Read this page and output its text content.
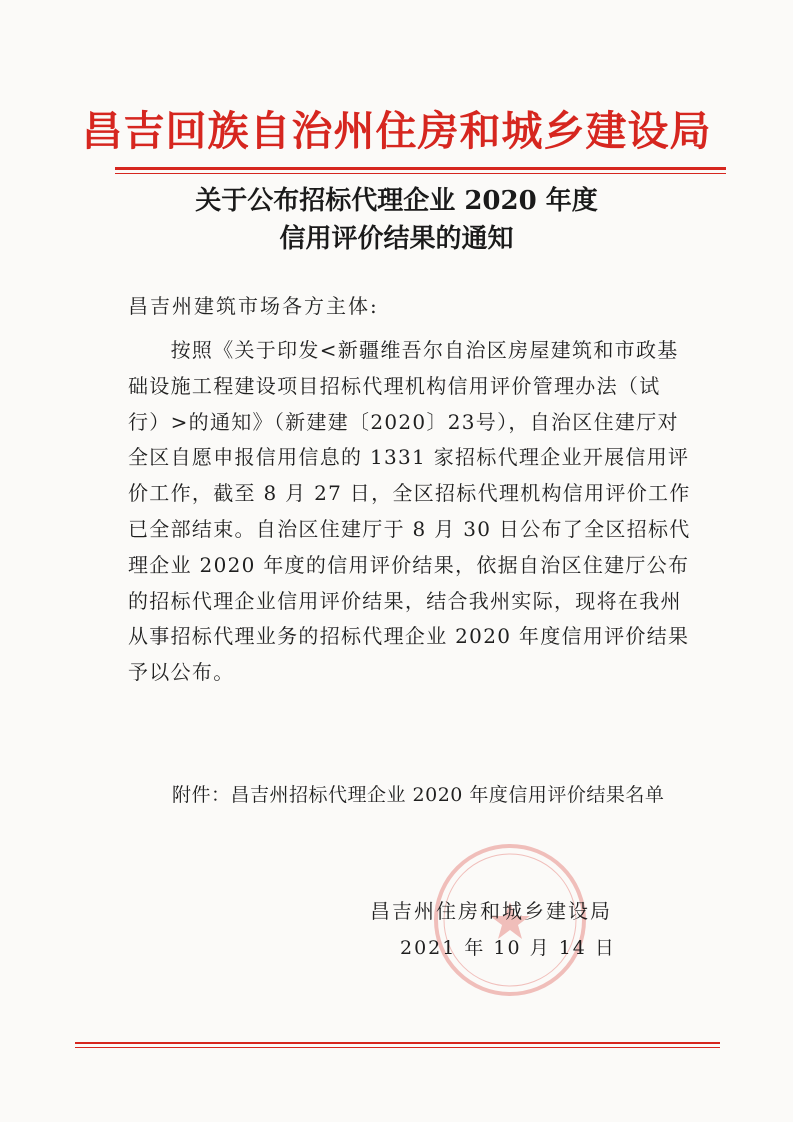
昌吉回族自治州住房和城乡建设局
关于公布招标代理企业 2020 年度
信用评价结果的通知
昌吉州建筑市场各方主体:
　　按照《关于印发<新疆维吾尔自治区房屋建筑和市政基
础设施工程建设项目招标代理机构信用评价管理办法（试
行）>的通知》（新建建〔2020〕23号），自治区住建厅对
全区自愿申报信用信息的 1331 家招标代理企业开展信用评
价工作，截至 8 月 27 日，全区招标代理机构信用评价工作
已全部结束。自治区住建厅于 8 月 30 日公布了全区招标代
理企业 2020 年度的信用评价结果，依据自治区住建厅公布
的招标代理企业信用评价结果，结合我州实际，现将在我州
从事招标代理业务的招标代理企业 2020 年度信用评价结果
予以公布。
附件：昌吉州招标代理企业 2020 年度信用评价结果名单
昌吉州住房和城乡建设局
2021 年 10 月 14 日
